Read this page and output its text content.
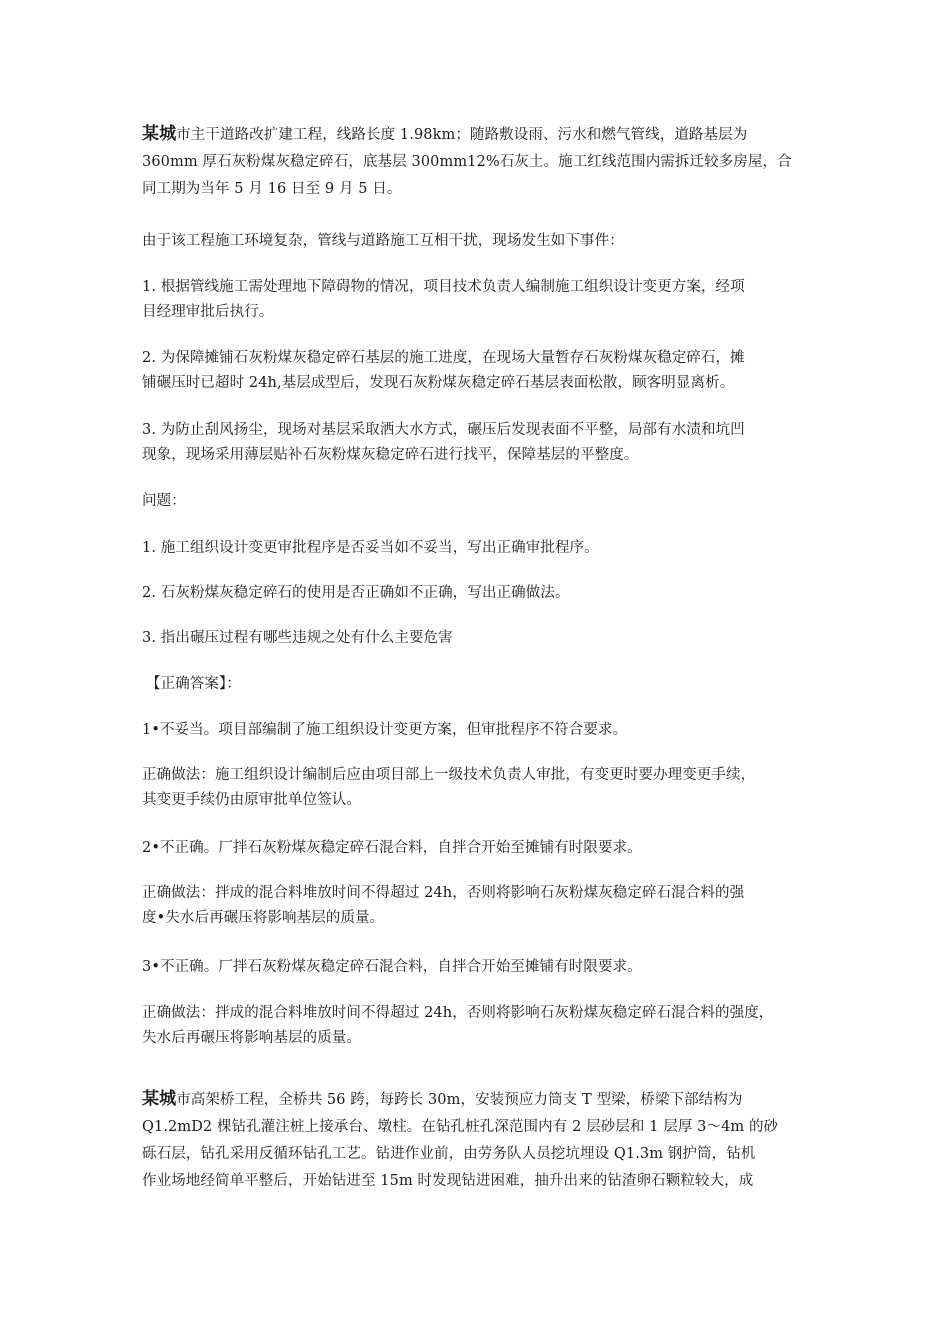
某城市主干道路改扩建工程，线路长度 1.98km；随路敷设雨、污水和燃气管线，道路基层为
360mm 厚石灰粉煤灰稳定碎石，底基层 300mm12%石灰土。施工红线范围内需拆迁较多房屋，合
同工期为当年 5 月 16 日至 9 月 5 日。
由于该工程施工环境复杂，管线与道路施工互相干扰，现场发生如下事件：
1. 根据管线施工需处理地下障碍物的情况，项目技术负责人编制施工组织设计变更方案，经项
目经理审批后执行。
2. 为保障摊铺石灰粉煤灰稳定碎石基层的施工进度，在现场大量暂存石灰粉煤灰稳定碎石，摊
铺碾压时已超时 24h,基层成型后，发现石灰粉煤灰稳定碎石基层表面松散，顾客明显离析。
3. 为防止刮风扬尘，现场对基层采取洒大水方式，碾压后发现表面不平整，局部有水渍和坑凹
现象，现场采用薄层贴补石灰粉煤灰稳定碎石进行找平，保障基层的平整度。
问题：
1. 施工组织设计变更审批程序是否妥当如不妥当，写出正确审批程序。
2. 石灰粉煤灰稳定碎石的使用是否正确如不正确，写出正确做法。
3. 指出碾压过程有哪些违规之处有什么主要危害
【正确答案】：
1•不妥当。项目部编制了施工组织设计变更方案，但审批程序不符合要求。
正确做法：施工组织设计编制后应由项目部上一级技术负责人审批，有变更时要办理变更手续，
其变更手续仍由原审批单位签认。
2•不正确。厂拌石灰粉煤灰稳定碎石混合料，自拌合开始至摊铺有时限要求。
正确做法：拌成的混合料堆放时间不得超过 24h，否则将影响石灰粉煤灰稳定碎石混合料的强
度•失水后再碾压将影响基层的质量。
3•不正确。厂拌石灰粉煤灰稳定碎石混合料，自拌合开始至摊铺有时限要求。
正确做法：拌成的混合料堆放时间不得超过 24h，否则将影响石灰粉煤灰稳定碎石混合料的强度，
失水后再碾压将影响基层的质量。
某城市高架桥工程，全桥共 56 跨，每跨长 30m，安装预应力筒支 T 型梁，桥梁下部结构为
Q1.2mD2 棵钻孔灌注桩上接承台、墩柱。在钻孔桩孔深范围内有 2 层砂层和 1 层厚 3〜4m 的砂
砾石层，钻孔采用反循环钻孔工艺。钻进作业前，由劳务队人员挖坑埋设 Q1.3m 钢护筒，钻机
作业场地经简单平整后，开始钻进至 15m 时发现钻进困难，抽升出来的钻渣卵石颗粒较大，成
